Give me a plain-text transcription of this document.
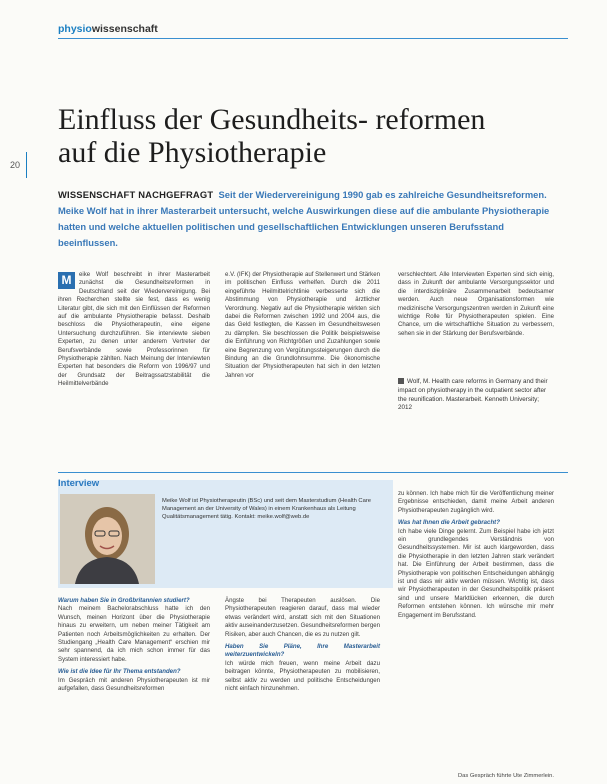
physiowissenschaft
20
Einfluss der Gesundheits- reformen auf die Physiotherapie
WISSENSCHAFT NACHGEFRAGT Seit der Wiedervereinigung 1990 gab es zahlreiche Gesundheitsreformen. Meike Wolf hat in ihrer Masterarbeit untersucht, welche Auswirkungen diese auf die ambulante Physiotherapie hatten und welche aktuellen politischen und gesellschaftlichen Entwicklungen unseren Berufsstand beeinflussen.
M	eike Wolf beschreibt in ihrer Masterarbeit zunächst die Gesundheitsreformen in Deutschland seit der Wiedervereinigung. Bei ihren Recherchen stellte sie fest, dass es wenig Literatur gibt, die sich mit den Einflüssen der Reformen auf die ambulante Physiotherapie befasst. Deshalb beschloss die Physiotherapeutin, eine eigene Untersuchung durchzuführen. Sie interviewte sieben Experten, zu denen unter anderem Vertreter der Berufsverbände sowie Professorinnen für Physiotherapie zählten. Nach Meinung der Interviewten Experten hat besonders die Reform von 1996/97 und der Grundsatz der Beitragssatzstabilität die Heilmittelverbände
e.V. (IFK) der Physiotherapie auf Stellenwert und Stärken im politischen Einfluss verhelfen. Durch die 2011 eingeführte Heilmittelrichtlinie verbesserte sich die Abstimmung von Physiotherapie und ärztlicher Verordnung. Negativ auf die Physiotherapie wirkten sich dabei die Reformen zwischen 1992 und 2004 aus, die das Geld festlegten, die Kassen im Gesundheitswesen zu dämpfen. Sie beschlossen die Politik beispielsweise die Einführung von Richtgrößen und Zuzahlungen sowie eine Begrenzung von Vergütungssteigerungen durch die Bindung an die Grundlohnsumme. Die ökonomische Situation der Physiotherapeuten hat sich in den letzten Jahren vor
verschlechtert. Alle Interviewten Experten sind sich einig, dass in Zukunft der ambulante Versorgungssektor und die interdisziplinäre Zusammenarbeit bedeutsamer werden. Auch neue Organisationsformen wie medizinische Versorgungszentren werden in Zukunft eine wichtige Rolle für Physiotherapeuten spielen. Eine Chance, um die wirtschaftliche Situation zu verbessern, sehen sie in der Stärkung der Berufsverbände.
Wolf, M. Health care reforms in Germany and their impact on physiotherapy in the outpatient sector after the reunification. Masterarbeit. Kenneth University; 2012
Interview
Meike Wolf ist Physiotherapeutin (BSc) und seit dem Masterstudium (Health Care Management an der University of Wales) in einem Krankenhaus als Leitung Qualitätsmanagement tätig. Kontakt: meike.wolf@web.de
Warum haben Sie in Großbritannien studiert?
Nach meinem Bachelorabschluss hatte ich den Wunsch, meinen Horizont über die Physiotherapie hinaus zu erweitern, um neben meiner Tätigkeit am Patienten noch Arbeitsmöglichkeiten zu erhalten. Der Studiengang „Health Care Management“ erschien mir sehr spannend, da ich mich schon immer für das System interessiert habe.
Wie ist die Idee für Ihr Thema entstanden?
Im Gespräch mit anderen Physiotherapeuten ist mir aufgefallen, dass Gesundheitsreformen
Ängste bei Therapeuten auslösen. Die Physiotherapeuten reagieren darauf, dass mal wieder etwas verändert wird, anstatt sich mit den Situationen aktiv auseinanderzusetzen. Gesundheitsreformen bergen Risiken, aber auch Chancen, die es zu nutzen gilt.
Haben Sie Pläne, Ihre Masterarbeit weiterzuentwickeln?
Ich würde mich freuen, wenn meine Arbeit dazu beitragen könnte, Physiotherapeuten zu mobilisieren, selbst aktiv zu werden und politische Entscheidungen nicht einfach hinzunehmen.
zu können. Ich habe mich für die Veröffentlichung meiner Ergebnisse entschieden, damit meine Arbeit anderen Physiotherapeuten zugänglich wird.
Was hat Ihnen die Arbeit gebracht?
Ich habe viele Dinge gelernt. Zum Beispiel habe ich jetzt ein grundlegendes Verständnis von Gesundheitssystemen. Mir ist auch klargeworden, dass die Physiotherapie in den letzten Jahren stark verändert hat. Die Einführung der Arbeit bestimmen, dass die Physiotherapie von politischen Entscheidungen abhängig ist und dass wir aktiv werden müssen. Wichtig ist, dass wir Physiotherapeuten in der Gesundheitspolitik präsent sind und unsere Marktlücken erkennen, die durch Reformen entstehen können. Ich wünsche mir mehr Engagement im Berufsstand.
Das Gespräch führte Ute Zimmerlein.
